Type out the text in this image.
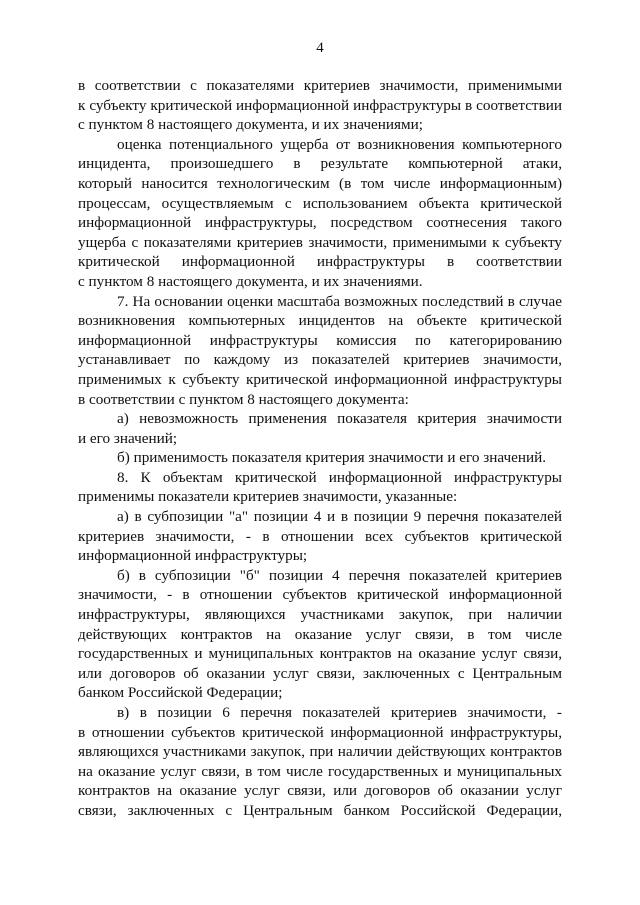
4

в соответствии с показателями критериев значимости, применимыми

к субъекту критической информационной инфраструктуры в соответствии

с пунктом 8 настоящего документа, и их значениями;

оценка потенциального ущерба от возникновения компьютерного

инцидента, произошедшего в результате компьютерной атаки,

который наносится технологическим (в том числе информационным)

процессам, осуществляемым с использованием объекта критической

информационной инфраструктуры, посредством соотнесения такого

ущерба с показателями критериев значимости, применимыми к субъекту

критической информационной инфраструктуры в соответствии

с пунктом 8 настоящего документа, и их значениями.

7. На основании оценки масштаба возможных последствий в случае

возникновения компьютерных инцидентов на объекте критической

информационной инфраструктуры комиссия по категорированию

устанавливает по каждому из показателей критериев значимости,

применимых к субъекту критической информационной инфраструктуры

в соответствии с пунктом 8 настоящего документа:

а) невозможность применения показателя критерия значимости

и его значений;

б) применимость показателя критерия значимости и его значений.

8. К объектам критической информационной инфраструктуры

применимы показатели критериев значимости, указанные:

а) в субпозиции "а" позиции 4 и в позиции 9 перечня показателей

критериев значимости, - в отношении всех субъектов критической

информационной инфраструктуры;

б) в субпозиции "б" позиции 4 перечня показателей критериев

значимости, - в отношении субъектов критической информационной

инфраструктуры, являющихся участниками закупок, при наличии

действующих контрактов на оказание услуг связи, в том числе

государственных и муниципальных контрактов на оказание услуг связи,

или договоров об оказании услуг связи, заключенных с Центральным

банком Российской Федерации;

в) в позиции 6 перечня показателей критериев значимости, -

в отношении субъектов критической информационной инфраструктуры,

являющихся участниками закупок, при наличии действующих контрактов

на оказание услуг связи, в том числе государственных и муниципальных

контрактов на оказание услуг связи, или договоров об оказании услуг

связи, заключенных с Центральным банком Российской Федерации,
